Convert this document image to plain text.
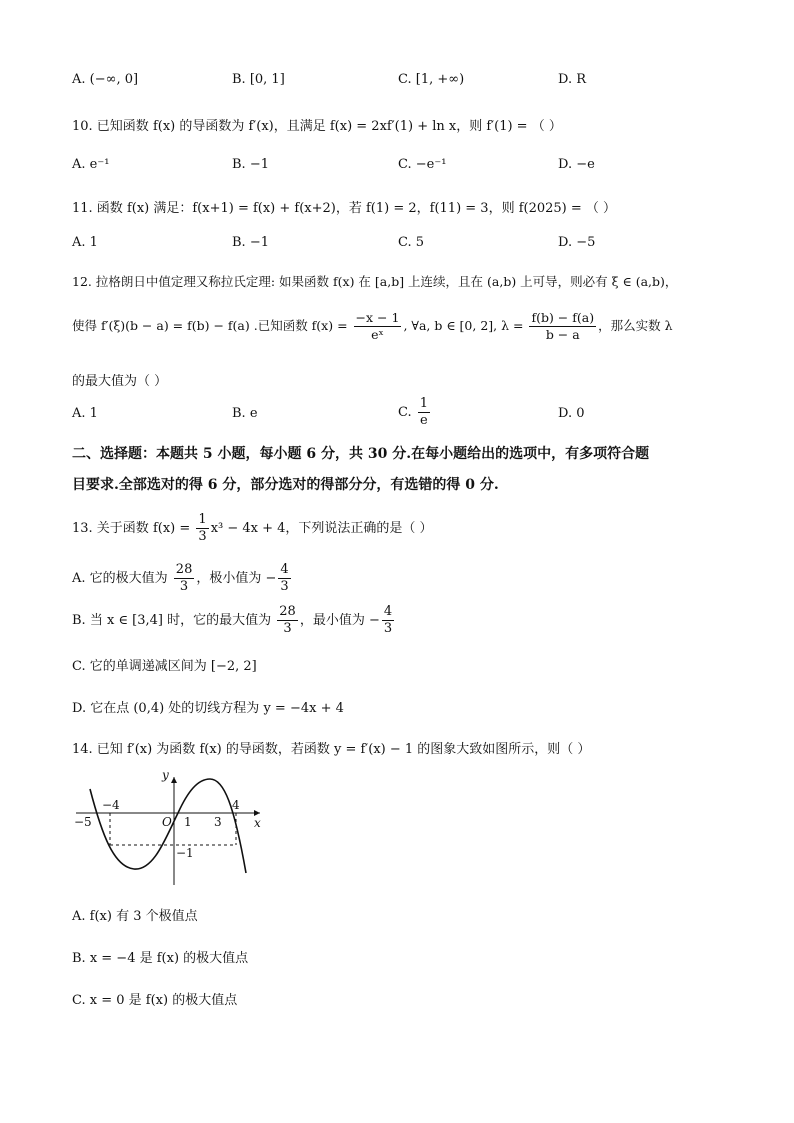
A. (−∞, 0]	B. [0, 1]	C. [1, +∞)	D. R
10. 已知函数 f(x) 的导函数为 f′(x)，且满足 f(x) = 2xf′(1) + ln x，则 f′(1) = （ ）
A. e⁻¹	B. −1	C. −e⁻¹	D. −e
11. 函数 f(x) 满足：f(x+1) = f(x) + f(x+2)，若 f(1) = 2，f(11) = 3，则 f(2025) = （ ）
A. 1	B. −1	C. 5	D. −5
12. 拉格朗日中值定理又称拉氏定理: 如果函数 f(x) 在 [a,b] 上连续，且在 (a,b) 上可导，则必有 ξ ∈ (a,b)，
使得 f′(ξ)(b − a) = f(b) − f(a) .已知函数 $f(x) = \frac{-x - 1}{\text{eˣ}}$ , ∀a, b ∈ [0, 2], $\lambda = \frac{f(b) - f(a)}{b - a}$ ，那么实数 λ
的最大值为（ ）
A. 1	B. e	C. $\frac{1}{e}$	D. 0
二、选择题：本题共 5 小题，每小题 6 分，共 30 分.在每小题给出的选项中，有多项符合题
目要求.全部选对的得 6 分，部分选对的得部分分，有选错的得 0 分.
13. 关于函数 $f(x) = \frac{1}{3} x^3 - 4x + 4$，下列说法正确的是（ ）
A. 它的极大值为 $\frac{28}{3}$ ，极小值为 − $\frac{4}{3}$
B. 当 x ∈ [3,4] 时，它的最大值为 $\frac{28}{3}$ ，最小值为 − $\frac{4}{3}$
C. 它的单调递减区间为 [−2, 2]
D. 它在点 (0,4) 处的切线方程为 y = −4x + 4
14. 已知 f′(x) 为函数 f(x) 的导函数，若函数 y = f′(x) − 1 的图象大致如图所示，则（ ）
y
x
O
−5
−4
1 3
4
−1
A. f(x) 有 3 个极值点
B. x = −4 是 f(x) 的极大值点
C. x = 0 是 f(x) 的极大值点
